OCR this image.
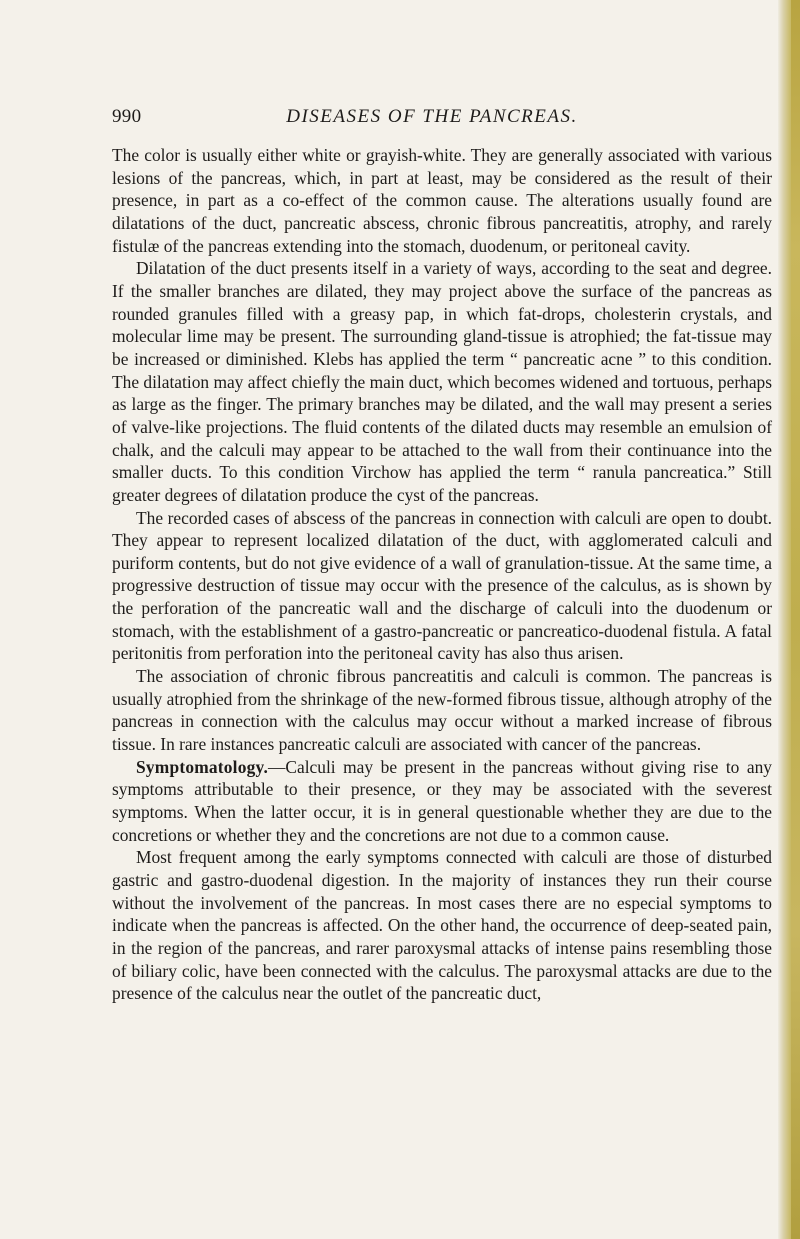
990	DISEASES OF THE PANCREAS.

The color is usually either white or grayish-white. They are generally associated with various lesions of the pancreas, which, in part at least, may be considered as the result of their presence, in part as a co-effect of the common cause. The alterations usually found are dilatations of the duct, pancreatic abscess, chronic fibrous pancreatitis, atrophy, and rarely fistulæ of the pancreas extending into the stomach, duodenum, or peritoneal cavity.

Dilatation of the duct presents itself in a variety of ways, according to the seat and degree. If the smaller branches are dilated, they may project above the surface of the pancreas as rounded granules filled with a greasy pap, in which fat-drops, cholesterin crystals, and molecular lime may be present. The surrounding gland-tissue is atrophied; the fat-tissue may be increased or diminished. Klebs has applied the term “ pancreatic acne ” to this condition. The dilatation may affect chiefly the main duct, which becomes widened and tortuous, perhaps as large as the finger. The primary branches may be dilated, and the wall may present a series of valve-like projections. The fluid contents of the dilated ducts may resemble an emulsion of chalk, and the calculi may appear to be attached to the wall from their continuance into the smaller ducts. To this condition Virchow has applied the term “ ranula pancreatica.” Still greater degrees of dilatation produce the cyst of the pancreas.

The recorded cases of abscess of the pancreas in connection with calculi are open to doubt. They appear to represent localized dilatation of the duct, with agglomerated calculi and puriform contents, but do not give evidence of a wall of granulation-tissue. At the same time, a progressive destruction of tissue may occur with the presence of the calculus, as is shown by the perforation of the pancreatic wall and the discharge of calculi into the duodenum or stomach, with the establishment of a gastro-pancreatic or pancreatico-duodenal fistula. A fatal peritonitis from perforation into the peritoneal cavity has also thus arisen.

The association of chronic fibrous pancreatitis and calculi is common. The pancreas is usually atrophied from the shrinkage of the new-formed fibrous tissue, although atrophy of the pancreas in connection with the calculus may occur without a marked increase of fibrous tissue. In rare instances pancreatic calculi are associated with cancer of the pancreas.

Symptomatology.—Calculi may be present in the pancreas without giving rise to any symptoms attributable to their presence, or they may be associated with the severest symptoms. When the latter occur, it is in general questionable whether they are due to the concretions or whether they and the concretions are not due to a common cause.

Most frequent among the early symptoms connected with calculi are those of disturbed gastric and gastro-duodenal digestion. In the majority of instances they run their course without the involvement of the pancreas. In most cases there are no especial symptoms to indicate when the pancreas is affected. On the other hand, the occurrence of deep-seated pain, in the region of the pancreas, and rarer paroxysmal attacks of intense pains resembling those of biliary colic, have been connected with the calculus. The paroxysmal attacks are due to the presence of the calculus near the outlet of the pancreatic duct,
